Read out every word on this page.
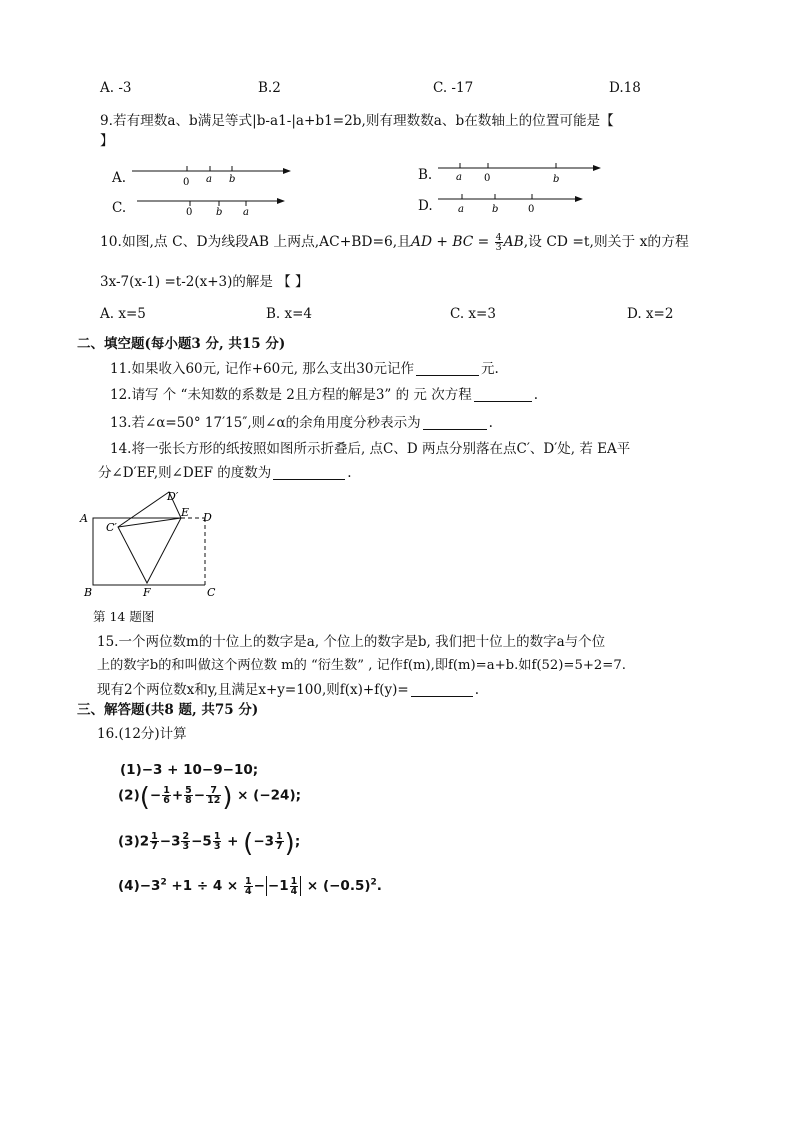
A. -3	B.2	C. -17	D.18
9.若有理数a、b满足等式|b-a1-|a+b1=2b,则有理数数a、b在数轴上的位置可能是【
】
A.
C.
B.
D.
0 a b
0 b a
a 0	b
a	b	0
10.如图,点 C、D为线段AB 上两点,AC+BD=6,且AD + BC = $\frac{4}{3}$ AB,设 CD =t,则关于 x的方程
3x-7(x-1) =t-2(x+3)的解是 【 】
A. x=5	B. x=4	C. x=3	D. x=2
二、填空题(每小题3 分, 共15 分)
11.如果收入60元, 记作+60元, 那么支出30元记作	元.
12.请写 个 “未知数的系数是 2且方程的解是3” 的 元 次方程	.
13.若∠α=50° 17′15″,则∠α的余角用度分秒表示为	.
14.将一张长方形的纸按照如图所示折叠后, 点C、D 两点分别落在点C′、D′处, 若 EA平
分∠D′EF,则∠DEF 的度数为	.
A
B	C
D
E
F
C′
D′
第 14 题图
15.一个两位数m的十位上的数字是a, 个位上的数字是b, 我们把十位上的数字a与个位
上的数字b的和叫做这个两位数 m的 “衍生数” , 记作f(m),即f(m)=a+b.如f(52)=5+2=7.
现有2个两位数x和y,且满足x+y=100,则f(x)+f(y)=	.
三、解答题(共8 题, 共75 分)
16.(12分)计算
(1)−3 + 10−9−10;
$(2)(- \frac{1}{6} + \frac{5}{8} - \frac{7}{12}$ ) × (−24);
$(3)2 \frac{1}{7} -3 \frac{2}{3} -5 \frac{1}{3} + (-3 \frac{1}{7}$ );
$(4)-3^2 +1 \div 4 \times \frac{1}{4} - -1 \frac{1}{4} \times (-0.5)^2$.
